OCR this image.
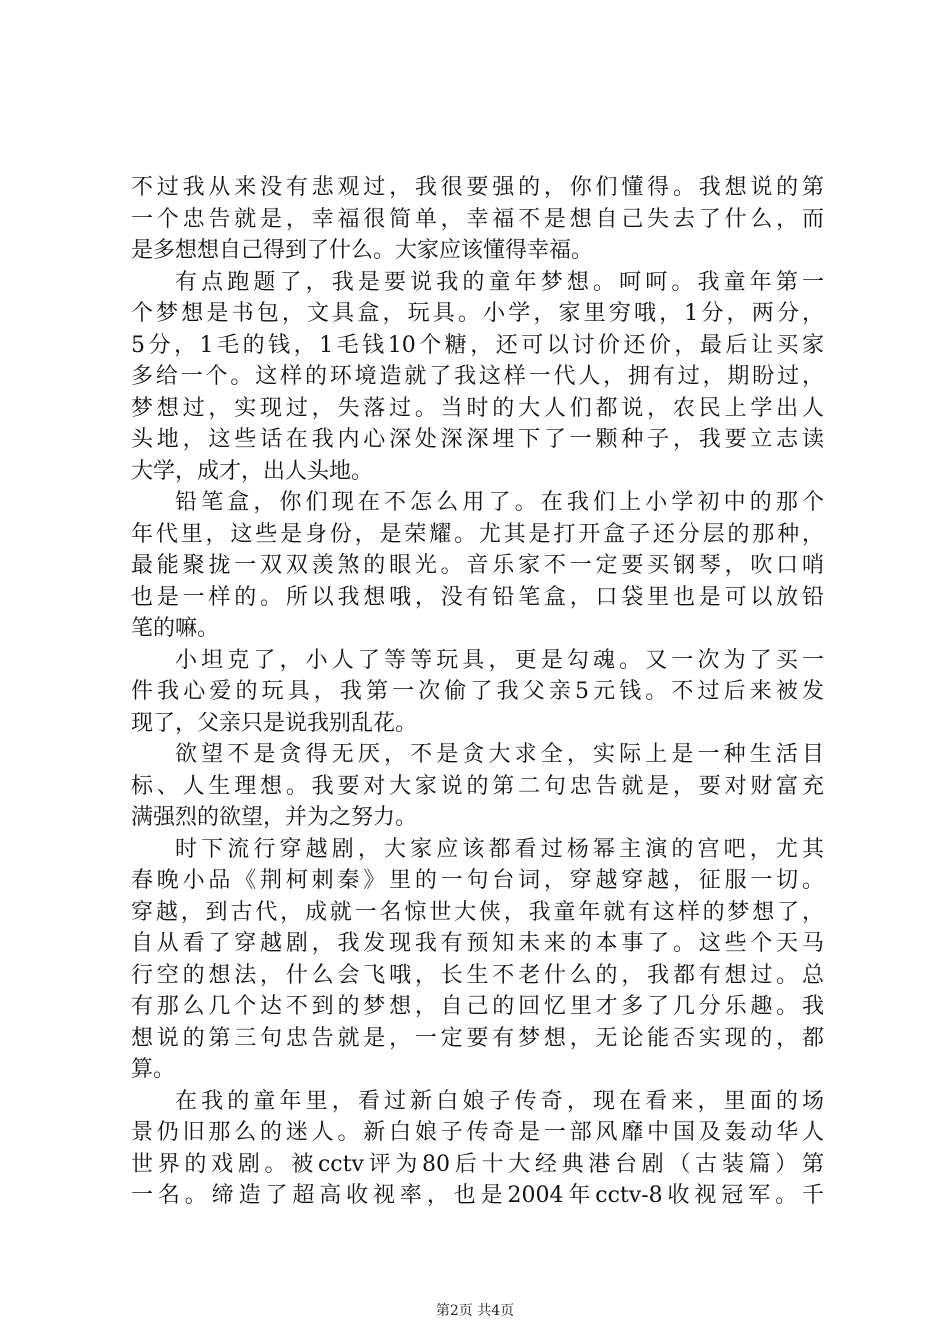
不过我从来没有悲观过，我很要强的，你们懂得。我想说的第
一个忠告就是，幸福很简单，幸福不是想自己失去了什么，而
是多想想自己得到了什么。大家应该懂得幸福。
有点跑题了，我是要说我的童年梦想。呵呵。我童年第一
个梦想是书包，文具盒，玩具。小学，家里穷哦，1分，两分，
5分，1毛的钱，1毛钱10个糖，还可以讨价还价，最后让买家
多给一个。这样的环境造就了我这样一代人，拥有过，期盼过，
梦想过，实现过，失落过。当时的大人们都说，农民上学出人
头地，这些话在我内心深处深深埋下了一颗种子，我要立志读
大学，成才，出人头地。
铅笔盒，你们现在不怎么用了。在我们上小学初中的那个
年代里，这些是身份，是荣耀。尤其是打开盒子还分层的那种，
最能聚拢一双双羡煞的眼光。音乐家不一定要买钢琴，吹口哨
也是一样的。所以我想哦，没有铅笔盒，口袋里也是可以放铅
笔的嘛。
小坦克了，小人了等等玩具，更是勾魂。又一次为了买一
件我心爱的玩具，我第一次偷了我父亲5元钱。不过后来被发
现了，父亲只是说我别乱花。
欲望不是贪得无厌，不是贪大求全，实际上是一种生活目
标、人生理想。我要对大家说的第二句忠告就是，要对财富充
满强烈的欲望，并为之努力。
时下流行穿越剧，大家应该都看过杨幂主演的宫吧，尤其
春晚小品《荆柯刺秦》里的一句台词，穿越穿越，征服一切。
穿越，到古代，成就一名惊世大侠，我童年就有这样的梦想了，
自从看了穿越剧，我发现我有预知未来的本事了。这些个天马
行空的想法，什么会飞哦，长生不老什么的，我都有想过。总
有那么几个达不到的梦想，自己的回忆里才多了几分乐趣。我
想说的第三句忠告就是，一定要有梦想，无论能否实现的，都
算。
在我的童年里，看过新白娘子传奇，现在看来，里面的场
景仍旧那么的迷人。新白娘子传奇是一部风靡中国及轰动华人
世界的戏剧。被cctv评为80后十大经典港台剧（古装篇）第
一名。缔造了超高收视率，也是2004年cctv-8收视冠军。千
第2页 共4页
